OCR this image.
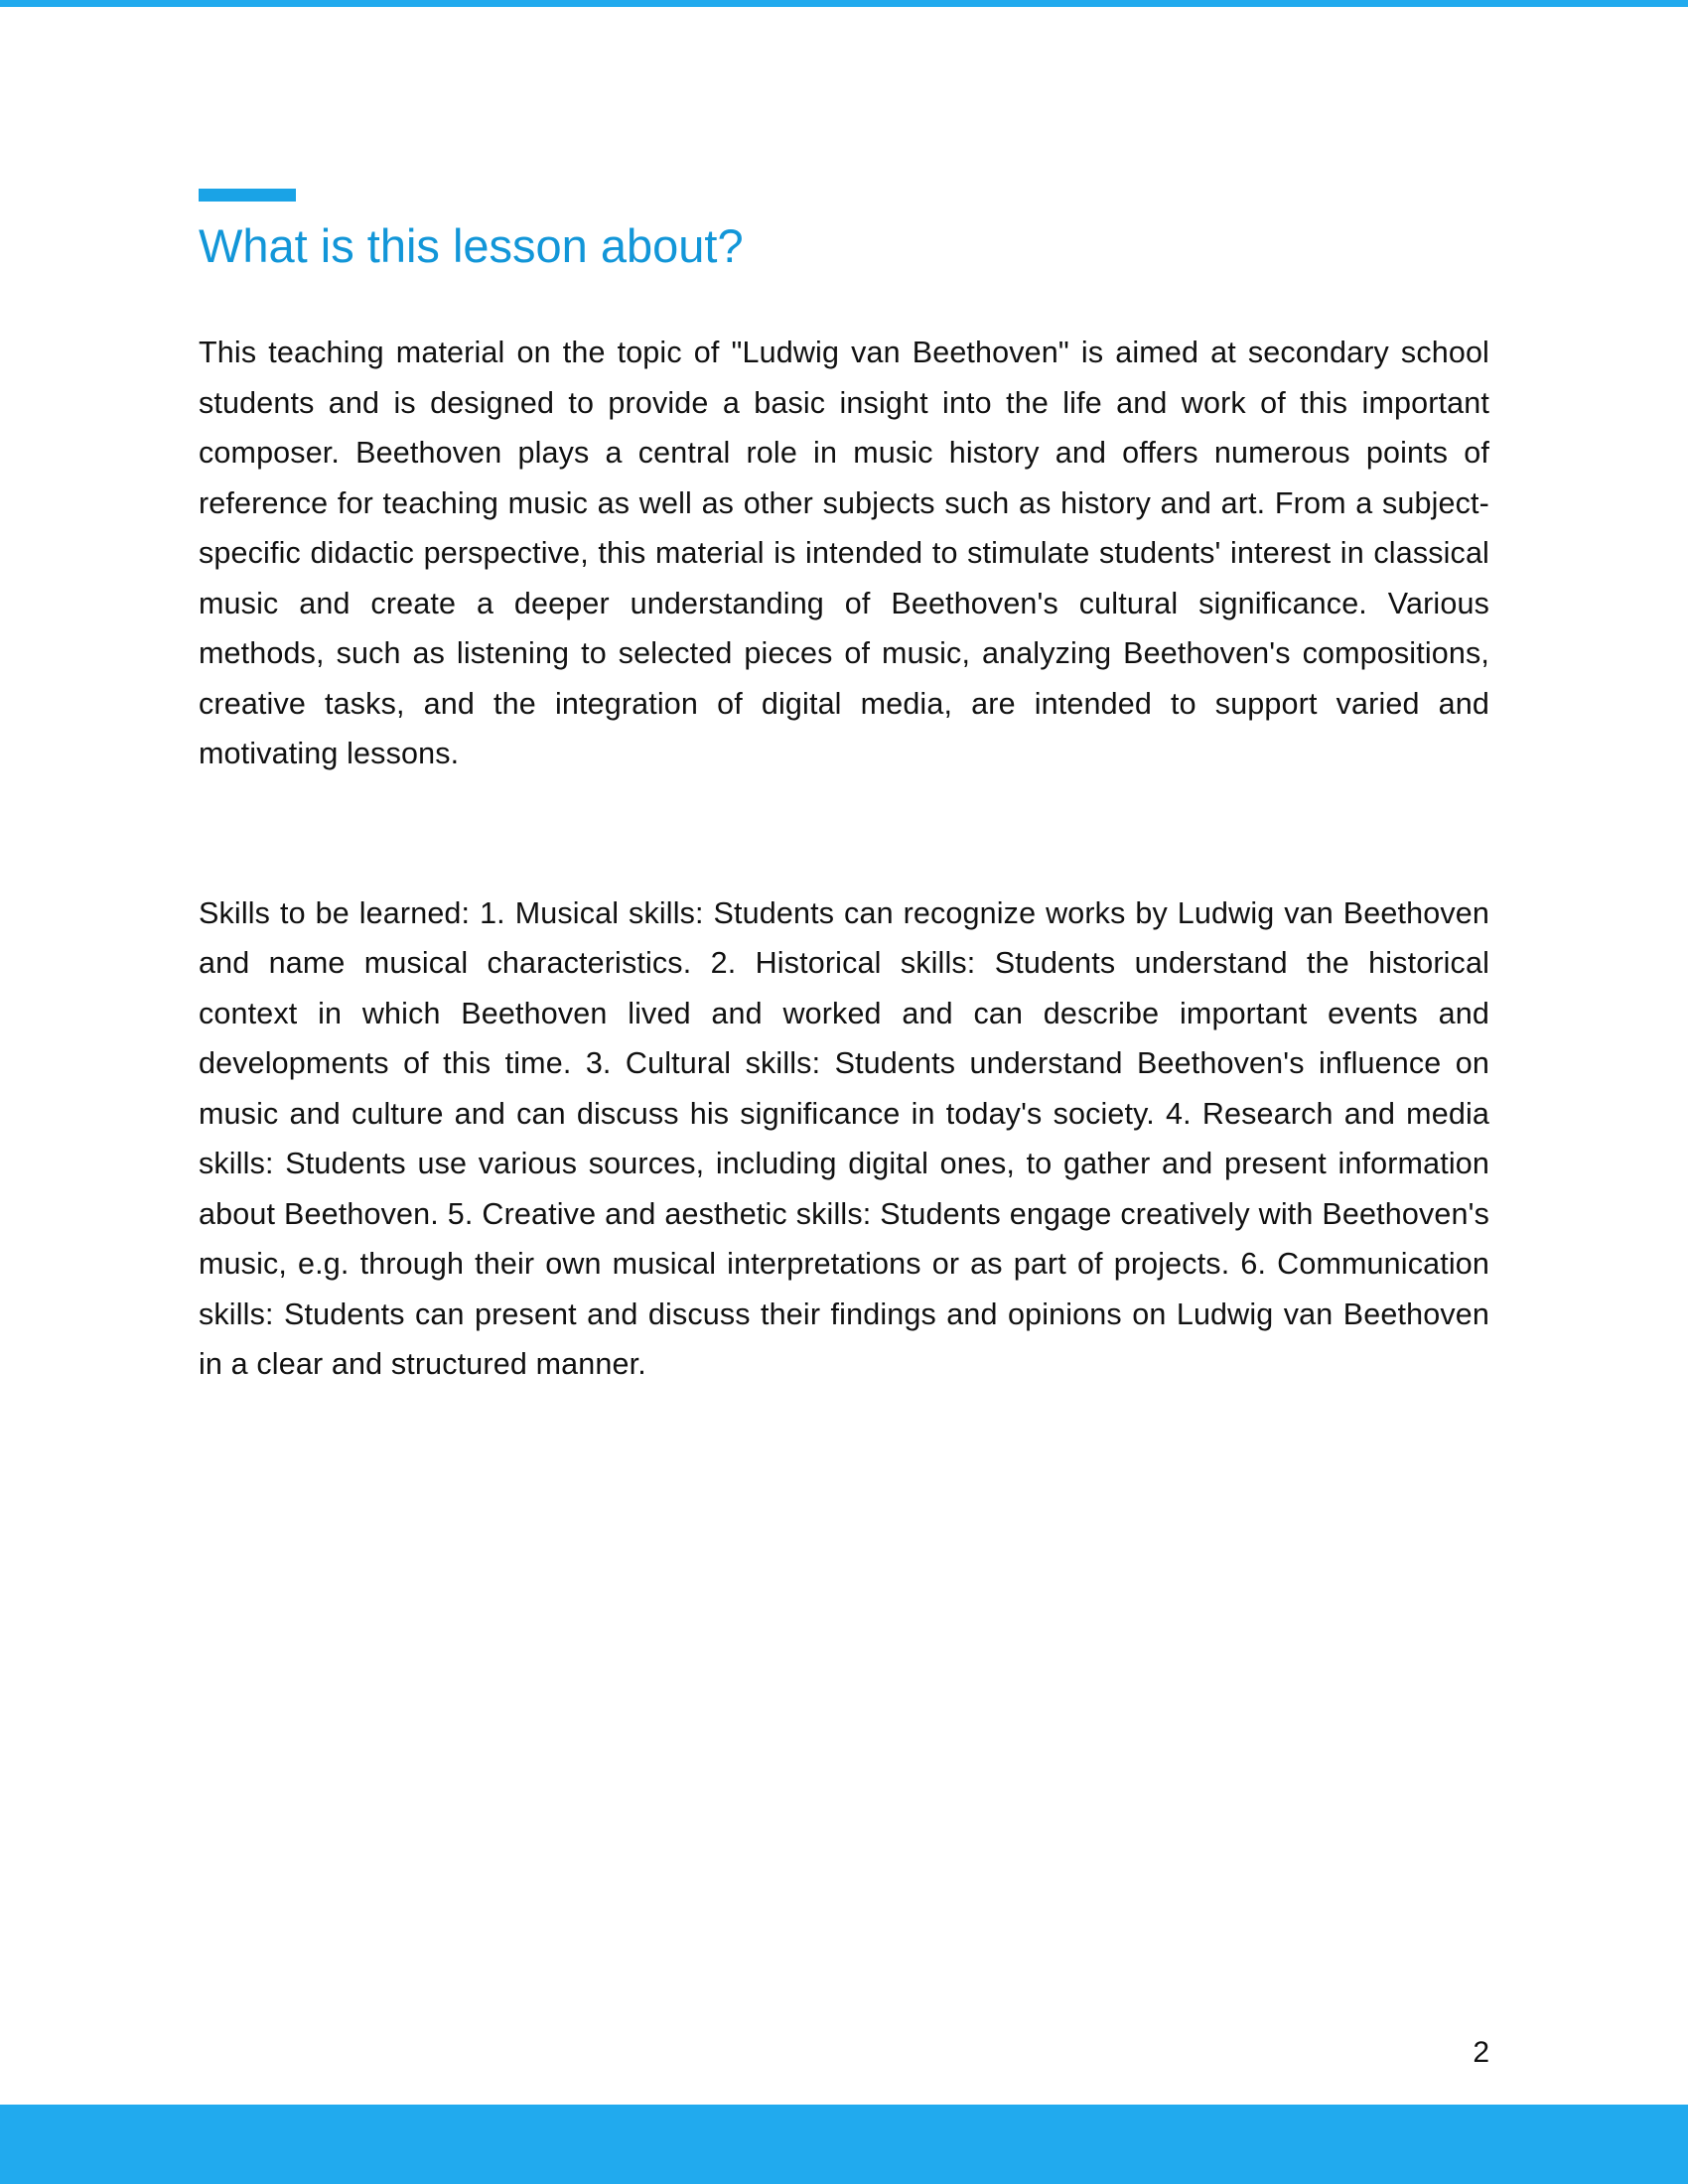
What is this lesson about?

This teaching material on the topic of "Ludwig van Beethoven" is aimed at secondary school students and is designed to provide a basic insight into the life and work of this important composer. Beethoven plays a central role in music history and offers numerous points of reference for teaching music as well as other subjects such as history and art. From a subject-specific didactic perspective, this material is intended to stimulate students' interest in classical music and create a deeper understanding of Beethoven's cultural significance. Various methods, such as listening to selected pieces of music, analyzing Beethoven's compositions, creative tasks, and the integration of digital media, are intended to support varied and motivating lessons.

Skills to be learned: 1. Musical skills: Students can recognize works by Ludwig van Beethoven and name musical characteristics. 2. Historical skills: Students understand the historical context in which Beethoven lived and worked and can describe important events and developments of this time. 3. Cultural skills: Students understand Beethoven's influence on music and culture and can discuss his significance in today's society. 4. Research and media skills: Students use various sources, including digital ones, to gather and present information about Beethoven. 5. Creative and aesthetic skills: Students engage creatively with Beethoven's music, e.g. through their own musical interpretations or as part of projects. 6. Communication skills: Students can present and discuss their findings and opinions on Ludwig van Beethoven in a clear and structured manner.

2
